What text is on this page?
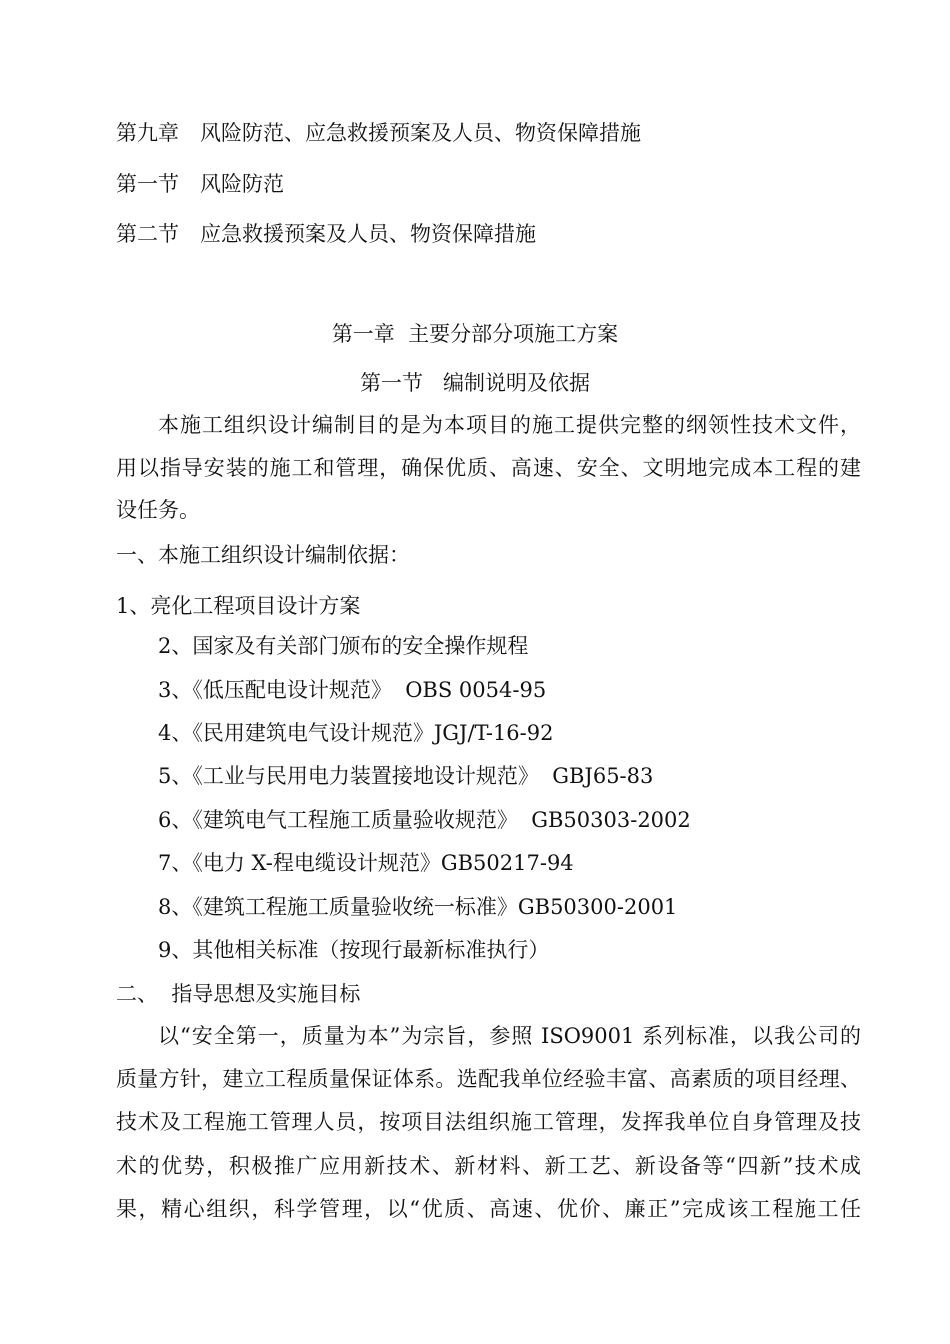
第九章 风险防范、应急救援预案及人员、物资保障措施
第一节 风险防范
第二节 应急救援预案及人员、物资保障措施
第一章  主要分部分项施工方案
第一节   编制说明及依据
本施工组织设计编制目的是为本项目的施工提供完整的纲领性技术文件，
用以指导安装的施工和管理，确保优质、高速、安全、文明地完成本工程的建
设任务。
一、本施工组织设计编制依据：
1、亮化工程项目设计方案
2、国家及有关部门颁布的安全操作规程
3、《低压配电设计规范》  OBS 0054-95
4、《民用建筑电气设计规范》JGJ/T-16-92
5、《工业与民用电力装置接地设计规范》  GBJ65-83
6、《建筑电气工程施工质量验收规范》  GB50303-2002
7、《电力 X-程电缆设计规范》GB50217-94
8、《建筑工程施工质量验收统一标准》GB50300-2001
9、其他相关标准（按现行最新标准执行）
二、  指导思想及实施目标
以“安全第一，质量为本”为宗旨，参照 ISO9001 系列标准，以我公司的
质量方针，建立工程质量保证体系。选配我单位经验丰富、高素质的项目经理、
技术及工程施工管理人员，按项目法组织施工管理，发挥我单位自身管理及技
术的优势，积极推广应用新技术、新材料、新工艺、新设备等“四新”技术成
果，精心组织，科学管理，以“优质、高速、优价、廉正”完成该工程施工任
